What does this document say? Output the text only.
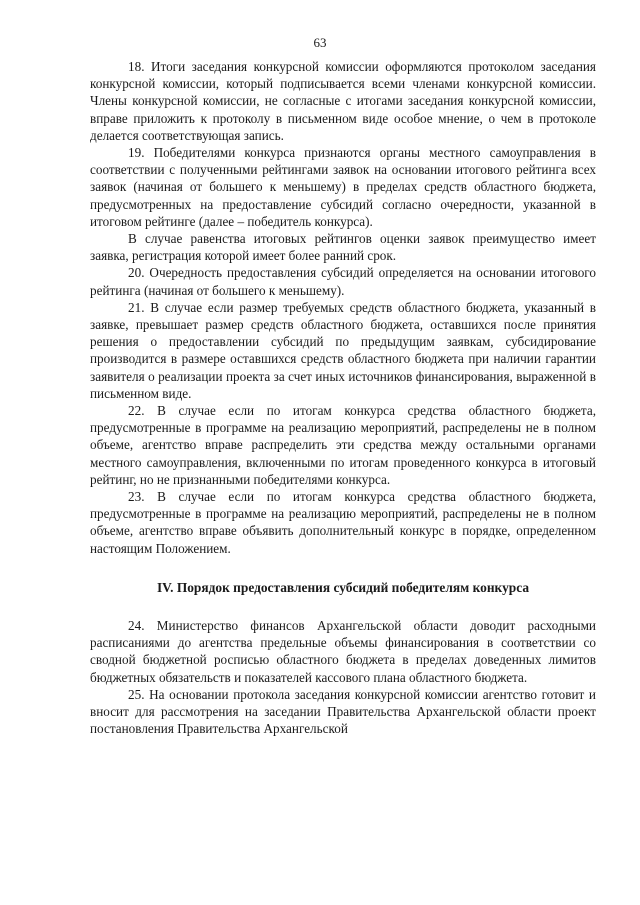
63

18. Итоги заседания конкурсной комиссии оформляются протоколом заседания конкурсной комиссии, который подписывается всеми членами конкурсной комиссии. Члены конкурсной комиссии, не согласные с итогами заседания конкурсной комиссии, вправе приложить к протоколу в письменном виде особое мнение, о чем в протоколе делается соответствующая запись.

19. Победителями конкурса признаются органы местного самоуправления в соответствии с полученными рейтингами заявок на основании итогового рейтинга всех заявок (начиная от большего к меньшему) в пределах средств областного бюджета, предусмотренных на предоставление субсидий согласно очередности, указанной в итоговом рейтинге (далее – победитель конкурса).

В случае равенства итоговых рейтингов оценки заявок преимущество имеет заявка, регистрация которой имеет более ранний срок.

20. Очередность предоставления субсидий определяется на основании итогового рейтинга (начиная от большего к меньшему).

21. В случае если размер требуемых средств областного бюджета, указанный в заявке, превышает размер средств областного бюджета, оставшихся после принятия решения о предоставлении субсидий по предыдущим заявкам, субсидирование производится в размере оставшихся средств областного бюджета при наличии гарантии заявителя о реализации проекта за счет иных источников финансирования, выраженной в письменном виде.

22. В случае если по итогам конкурса средства областного бюджета, предусмотренные в программе на реализацию мероприятий, распределены не в полном объеме, агентство вправе распределить эти средства между остальными органами местного самоуправления, включенными по итогам проведенного конкурса в итоговый рейтинг, но не признанными победителями конкурса.

23. В случае если по итогам конкурса средства областного бюджета, предусмотренные в программе на реализацию мероприятий, распределены не в полном объеме, агентство вправе объявить дополнительный конкурс в порядке, определенном настоящим Положением.

IV. Порядок предоставления субсидий победителям конкурса

24. Министерство финансов Архангельской области доводит расходными расписаниями до агентства предельные объемы финансирования в соответствии со сводной бюджетной росписью областного бюджета в пределах доведенных лимитов бюджетных обязательств и показателей кассового плана областного бюджета.

25. На основании протокола заседания конкурсной комиссии агентство готовит и вносит для рассмотрения на заседании Правительства Архангельской области проект постановления Правительства Архангельской
